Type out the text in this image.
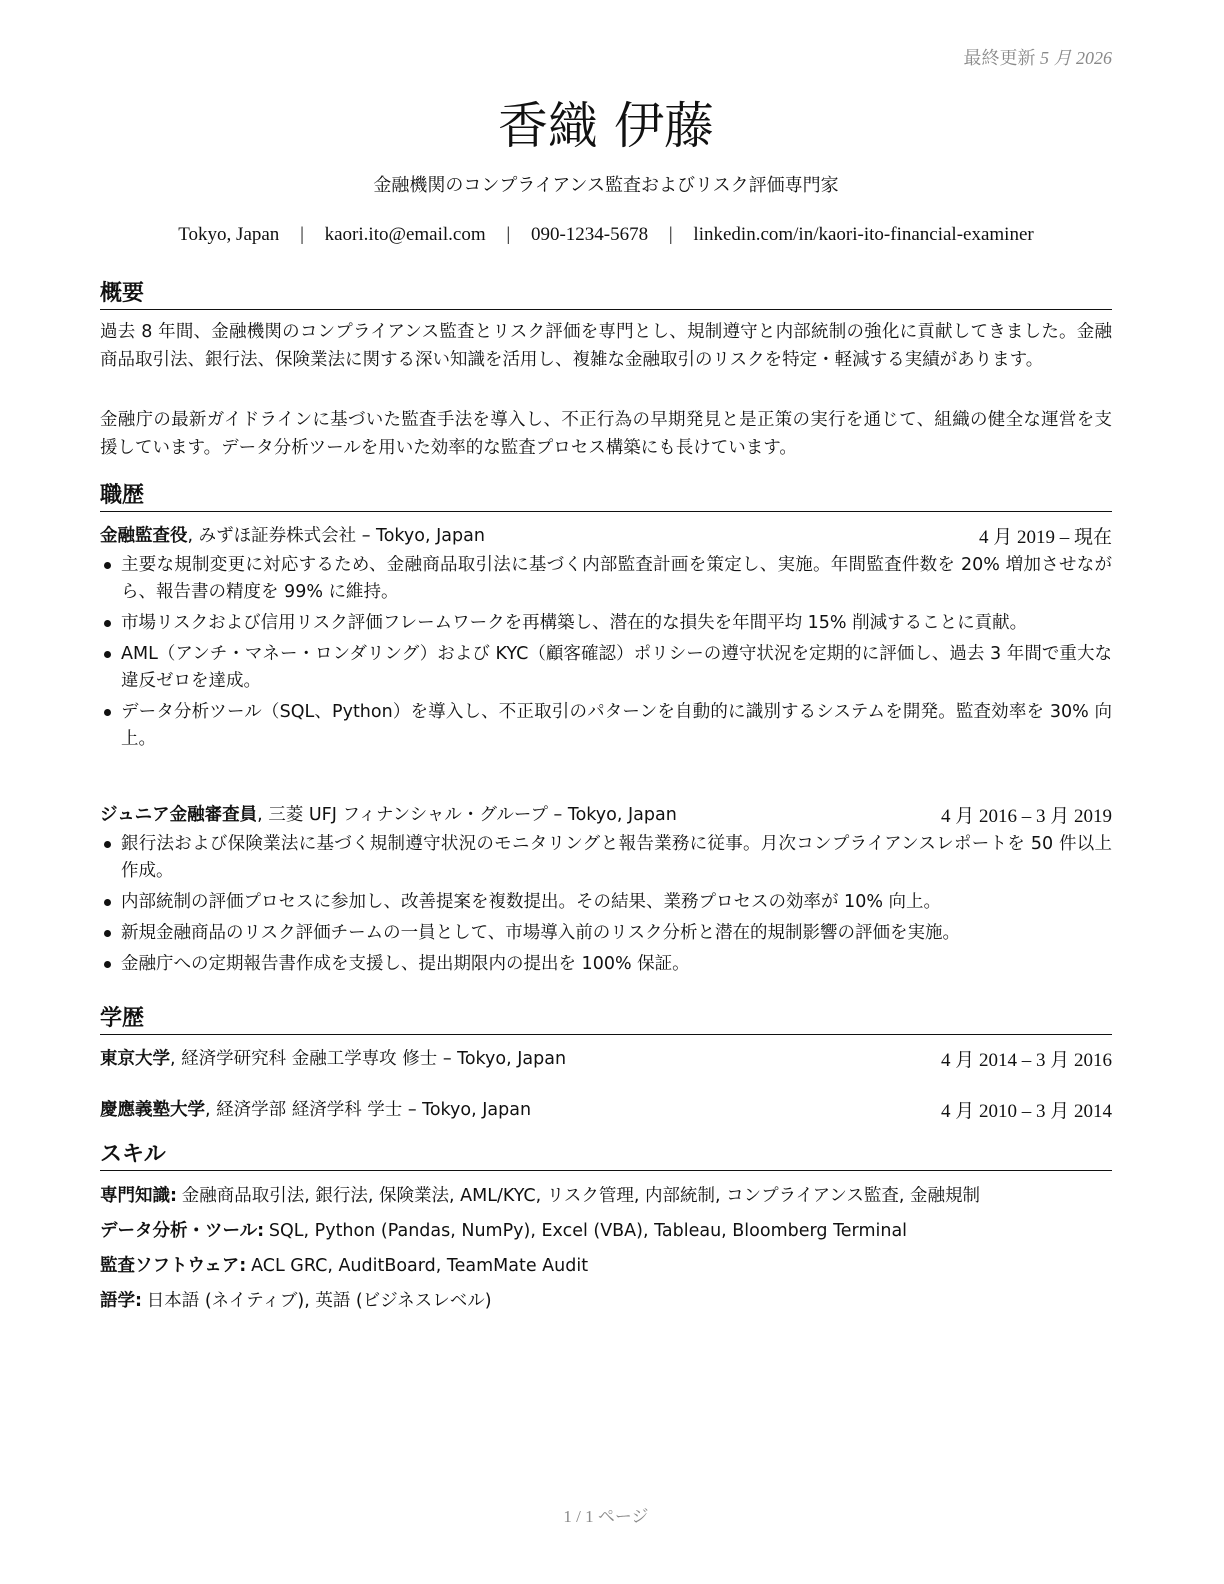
最終更新 5 月 2026
香織 伊藤
金融機関のコンプライアンス監査およびリスク評価専門家
Tokyo, Japan | kaori.ito@email.com | 090-1234-5678 | linkedin.com/in/kaori-ito-financial-examiner
概要
過去 8 年間、金融機関のコンプライアンス監査とリスク評価を専門とし、規制遵守と内部統制の強化に貢献してきました。金融商品取引法、銀行法、保険業法に関する深い知識を活用し、複雑な金融取引のリスクを特定・軽減する実績があります。
金融庁の最新ガイドラインに基づいた監査手法を導入し、不正行為の早期発見と是正策の実行を通じて、組織の健全な運営を支援しています。データ分析ツールを用いた効率的な監査プロセス構築にも長けています。
職歴
金融監査役, みずほ証券株式会社 – Tokyo, Japan	4 月 2019 – 現在
主要な規制変更に対応するため、金融商品取引法に基づく内部監査計画を策定し、実施。年間監査件数を 20% 増加させながら、報告書の精度を 99% に維持。
市場リスクおよび信用リスク評価フレームワークを再構築し、潜在的な損失を年間平均 15% 削減することに貢献。
AML（アンチ・マネー・ロンダリング）および KYC（顧客確認）ポリシーの遵守状況を定期的に評価し、過去 3 年間で重大な違反ゼロを達成。
データ分析ツール（SQL、Python）を導入し、不正取引のパターンを自動的に識別するシステムを開発。監査効率を 30% 向上。
ジュニア金融審査員, 三菱 UFJ フィナンシャル・グループ – Tokyo, Japan	4 月 2016 – 3 月 2019
銀行法および保険業法に基づく規制遵守状況のモニタリングと報告業務に従事。月次コンプライアンスレポートを 50 件以上作成。
内部統制の評価プロセスに参加し、改善提案を複数提出。その結果、業務プロセスの効率が 10% 向上。
新規金融商品のリスク評価チームの一員として、市場導入前のリスク分析と潜在的規制影響の評価を実施。
金融庁への定期報告書作成を支援し、提出期限内の提出を 100% 保証。
学歴
東京大学, 経済学研究科 金融工学専攻 修士 – Tokyo, Japan	4 月 2014 – 3 月 2016
慶應義塾大学, 経済学部 経済学科 学士 – Tokyo, Japan	4 月 2010 – 3 月 2014
スキル
専門知識: 金融商品取引法, 銀行法, 保険業法, AML/KYC, リスク管理, 内部統制, コンプライアンス監査, 金融規制
データ分析・ツール: SQL, Python (Pandas, NumPy), Excel (VBA), Tableau, Bloomberg Terminal
監査ソフトウェア: ACL GRC, AuditBoard, TeamMate Audit
語学: 日本語 (ネイティブ), 英語 (ビジネスレベル)
1 / 1 ページ
